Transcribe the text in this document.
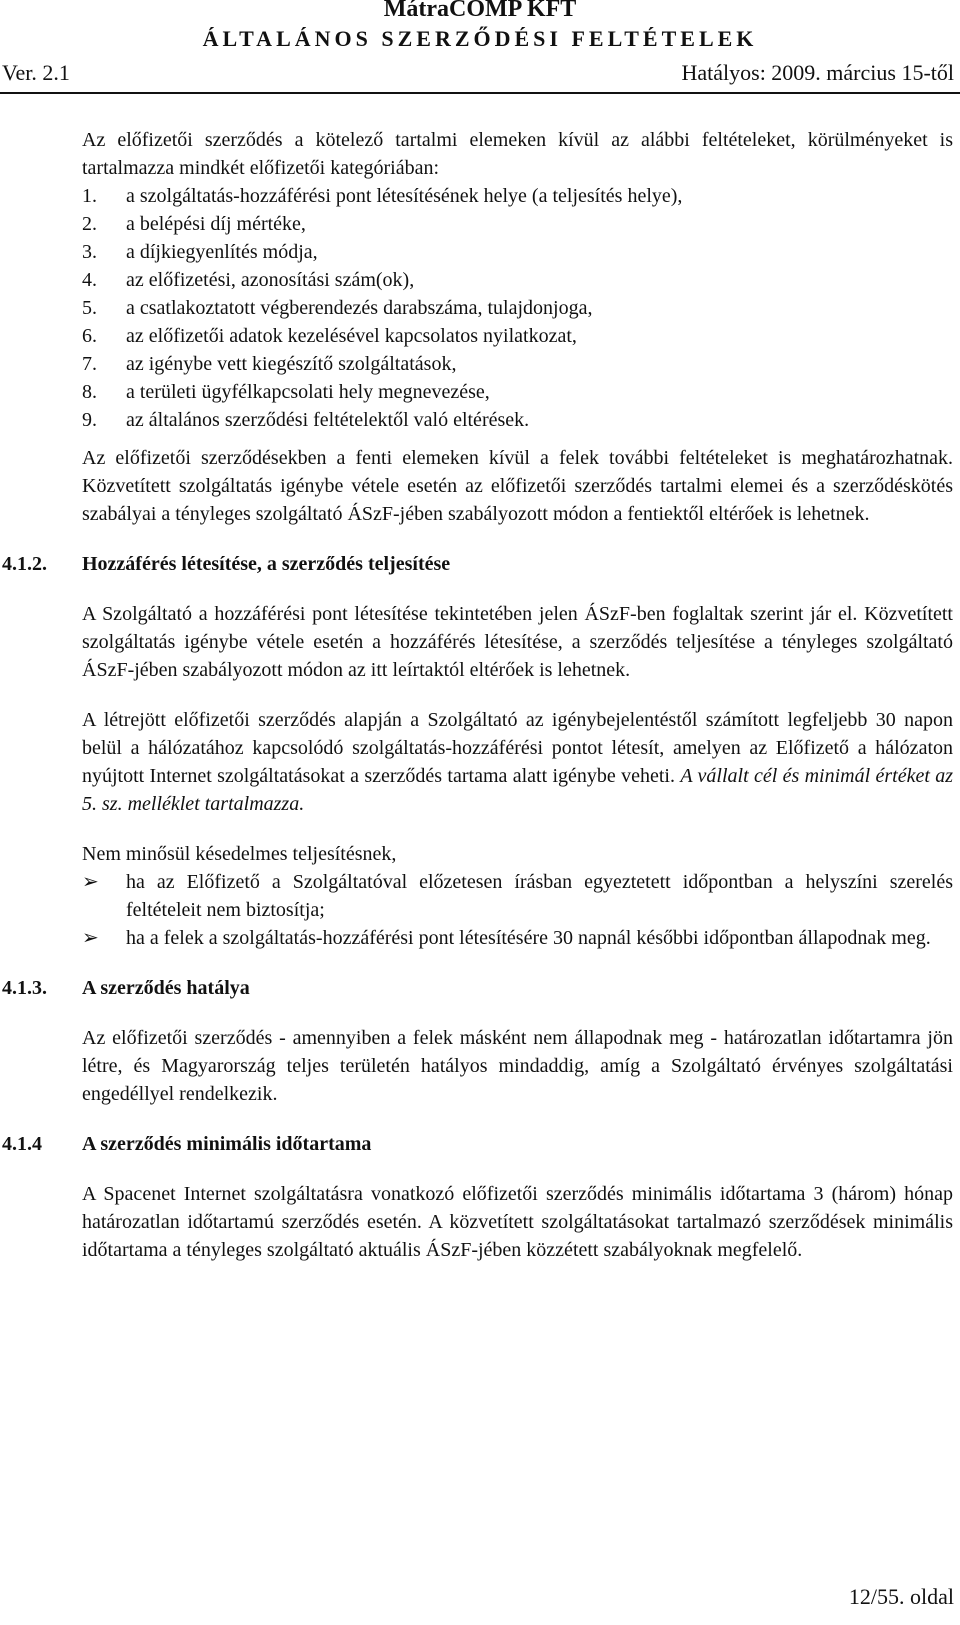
MátraCOMP KFT
ÁLTALÁNOS SZERZŐDÉSI FELTÉTELEK
Ver. 2.1	Hatályos: 2009. március 15-től

Az előfizetői szerződés a kötelező tartalmi elemeken kívül az alábbi feltételeket, körülményeket is tartalmazza mindkét előfizetői kategóriában:

1. a szolgáltatás-hozzáférési pont létesítésének helye (a teljesítés helye),
2. a belépési díj mértéke,
3. a díjkiegyenlítés módja,
4. az előfizetési, azonosítási szám(ok),
5. a csatlakoztatott végberendezés darabszáma, tulajdonjoga,
6. az előfizetői adatok kezelésével kapcsolatos nyilatkozat,
7. az igénybe vett kiegészítő szolgáltatások,
8. a területi ügyfélkapcsolati hely megnevezése,
9. az általános szerződési feltételektől való eltérések.

Az előfizetői szerződésekben a fenti elemeken kívül a felek további feltételeket is meghatározhatnak. Közvetített szolgáltatás igénybe vétele esetén az előfizetői szerződés tartalmi elemei és a szerződéskötés szabályai a tényleges szolgáltató ÁSzF-jében szabályozott módon a fentiektől eltérőek is lehetnek.

4.1.2. Hozzáférés létesítése, a szerződés teljesítése

A Szolgáltató a hozzáférési pont létesítése tekintetében jelen ÁSzF-ben foglaltak szerint jár el. Közvetített szolgáltatás igénybe vétele esetén a hozzáférés létesítése, a szerződés teljesítése a tényleges szolgáltató ÁSzF-jében szabályozott módon az itt leírtaktól eltérőek is lehetnek.

A létrejött előfizetői szerződés alapján a Szolgáltató az igénybejelentéstől számított legfeljebb 30 napon belül a hálózatához kapcsolódó szolgáltatás-hozzáférési pontot létesít, amelyen az Előfizető a hálózaton nyújtott Internet szolgáltatásokat a szerződés tartama alatt igénybe veheti. A vállalt cél és minimál értéket az 5. sz. melléklet tartalmazza.

Nem minősül késedelmes teljesítésnek,

➢ ha az Előfizető a Szolgáltatóval előzetesen írásban egyeztetett időpontban a helyszíni szerelés feltételeit nem biztosítja;
➢ ha a felek a szolgáltatás-hozzáférési pont létesítésére 30 napnál későbbi időpontban állapodnak meg.
4.1.3. A szerződés hatálya

Az előfizetői szerződés - amennyiben a felek másként nem állapodnak meg - határozatlan időtartamra jön létre, és Magyarország teljes területén hatályos mindaddig, amíg a Szolgáltató érvényes szolgáltatási engedéllyel rendelkezik.

4.1.4 A szerződés minimális időtartama

A Spacenet Internet szolgáltatásra vonatkozó előfizetői szerződés minimális időtartama 3 (három) hónap határozatlan időtartamú szerződés esetén. A közvetített szolgáltatásokat tartalmazó szerződések minimális időtartama a tényleges szolgáltató aktuális ÁSzF-jében közzétett szabályoknak megfelelő.

12/55. oldal
